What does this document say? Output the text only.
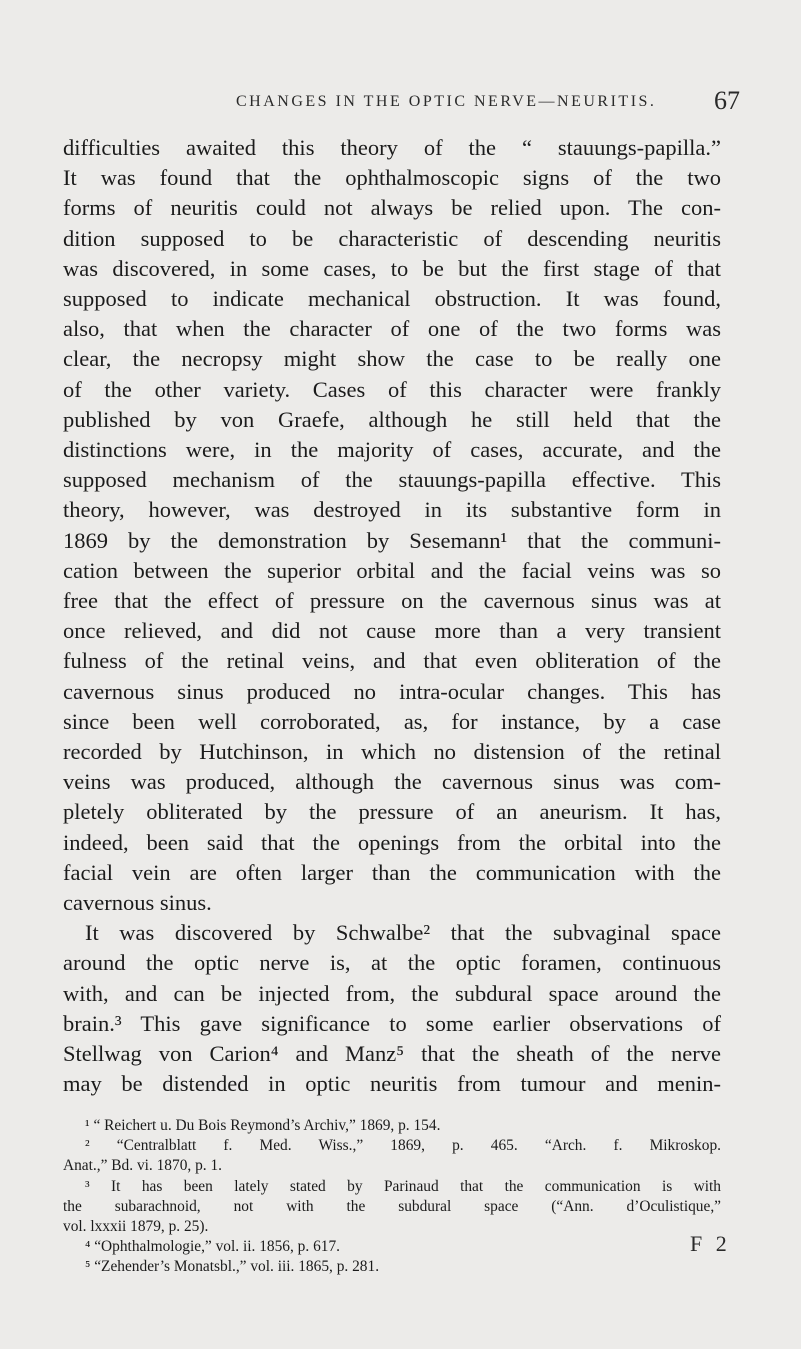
CHANGES IN THE OPTIC NERVE—NEURITIS. 67
difficulties awaited this theory of the “ stauungs-papilla.”
It was found that the ophthalmoscopic signs of the two
forms of neuritis could not always be relied upon. The con-
dition supposed to be characteristic of descending neuritis
was discovered, in some cases, to be but the first stage of that
supposed to indicate mechanical obstruction. It was found,
also, that when the character of one of the two forms was
clear, the necropsy might show the case to be really one
of the other variety. Cases of this character were frankly
published by von Graefe, although he still held that the
distinctions were, in the majority of cases, accurate, and the
supposed mechanism of the stauungs-papilla effective. This
theory, however, was destroyed in its substantive form in
1869 by the demonstration by Sesemann¹ that the communi-
cation between the superior orbital and the facial veins was so
free that the effect of pressure on the cavernous sinus was at
once relieved, and did not cause more than a very transient
fulness of the retinal veins, and that even obliteration of the
cavernous sinus produced no intra-ocular changes. This has
since been well corroborated, as, for instance, by a case
recorded by Hutchinson, in which no distension of the retinal
veins was produced, although the cavernous sinus was com-
pletely obliterated by the pressure of an aneurism. It has,
indeed, been said that the openings from the orbital into the
facial vein are often larger than the communication with the
cavernous sinus.
It was discovered by Schwalbe² that the subvaginal space
around the optic nerve is, at the optic foramen, continuous
with, and can be injected from, the subdural space around the
brain.³ This gave significance to some earlier observations of
Stellwag von Carion⁴ and Manz⁵ that the sheath of the nerve
may be distended in optic neuritis from tumour and menin-
¹ “ Reichert u. Du Bois Reymond’s Archiv,” 1869, p. 154.
² “Centralblatt f. Med. Wiss.,” 1869, p. 465. “Arch. f. Mikroskop.
Anat.,” Bd. vi. 1870, p. 1.
³ It has been lately stated by Parinaud that the communication is with
the subarachnoid, not with the subdural space (“Ann. d’Oculistique,”
vol. lxxxii 1879, p. 25).
⁴ “Ophthalmologie,” vol. ii. 1856, p. 617.
⁵ “Zehender’s Monatsbl.,” vol. iii. 1865, p. 281.
F 2
